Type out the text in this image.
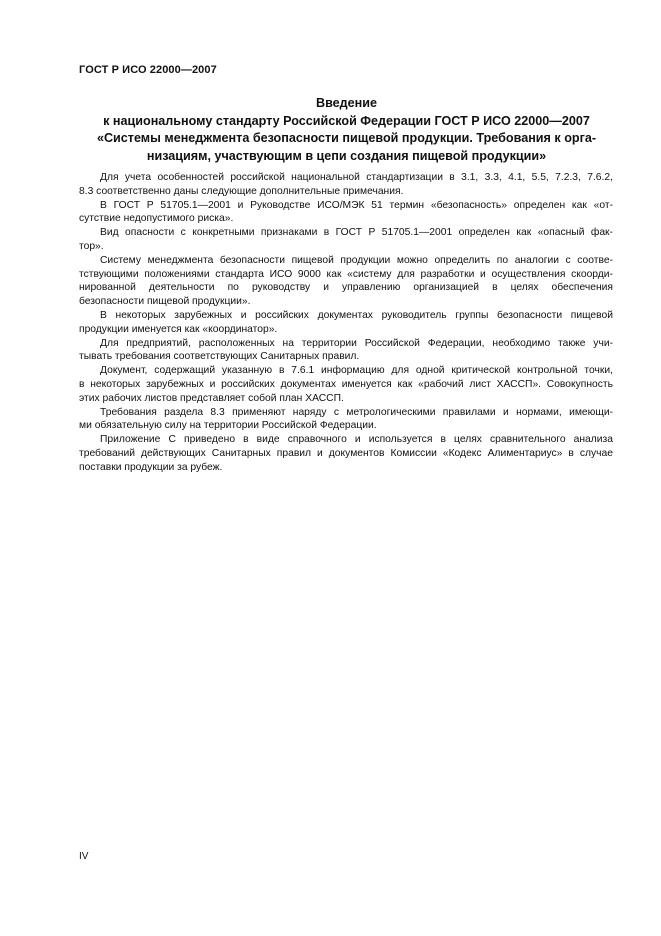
ГОСТ Р ИСО 22000—2007
Введение
к национальному стандарту Российской Федерации ГОСТ Р ИСО 22000—2007
«Системы менеджмента безопасности пищевой продукции. Требования к орга-
низациям, участвующим в цепи создания пищевой продукции»
Для учета особенностей российской национальной стандартизации в 3.1, 3.3, 4.1, 5.5, 7.2.3, 7.6.2,
8.3 соответственно даны следующие дополнительные примечания.
В ГОСТ Р 51705.1—2001 и Руководстве ИСО/МЭК 51 термин «безопасность» определен как «от-
сутствие недопустимого риска».
Вид опасности с конкретными признаками в ГОСТ Р 51705.1—2001 определен как «опасный фак-
тор».
Систему менеджмента безопасности пищевой продукции можно определить по аналогии с соотве-
тствующими положениями стандарта ИСО 9000 как «систему для разработки и осуществления скоорди-
нированной деятельности по руководству и управлению организацией в целях обеспечения
безопасности пищевой продукции».
В некоторых зарубежных и российских документах руководитель группы безопасности пищевой
продукции именуется как «координатор».
Для предприятий, расположенных на территории Российской Федерации, необходимо также учи-
тывать требования соответствующих Санитарных правил.
Документ, содержащий указанную в 7.6.1 информацию для одной критической контрольной точки,
в некоторых зарубежных и российских документах именуется как «рабочий лист ХАССП». Совокупность
этих рабочих листов представляет собой план ХАССП.
Требования раздела 8.3 применяют наряду с метрологическими правилами и нормами, имеющи-
ми обязательную силу на территории Российской Федерации.
Приложение С приведено в виде справочного и используется в целях сравнительного анализа
требований действующих Санитарных правил и документов Комиссии «Кодекс Алиментариус» в случае
поставки продукции за рубеж.
IV
